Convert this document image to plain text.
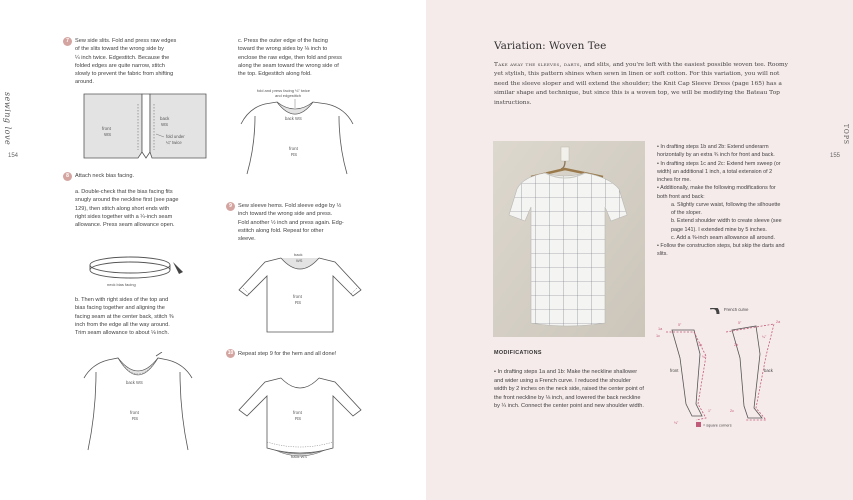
sewing love
154
7	Sew side slits. Fold and press raw edges
of the slits toward the wrong side by
¼ inch twice. Edgestitch. Because the
folded edges are quite narrow, stitch
slowly to prevent the fabric from shifting
around.
front
WS
back
WS
fold under
¼" twice
c. Press the outer edge of the facing
toward the wrong sides by ⅛ inch to
enclose the raw edge, then fold and press
along the seam toward the wrong side of
the top. Edgestitch along fold.
fold and press facing ⅛" twice
and edgestitch
back WS
front
RS
8	Attach neck bias facing.
a. Double-check that the bias facing fits
snugly around the neckline first (see page
129), then stitch along short ends with
right sides together with a ¼-inch seam
allowance. Press seam allowance open.
neck bias facing
b. Then with right sides of the top and
bias facing together and aligning the
facing seam at the center back, stitch ⅜
inch from the edge all the way around.
Trim seam allowance to about ⅛ inch.
back WS
front
RS
9	Sew sleeve hems. Fold sleeve edge by ½
inch toward the wrong side and press.
Fold another ½ inch and press again. Edg-
estitch along fold. Repeat for other
sleeve.
back
WS
front
RS
10 Repeat step 9 for the hem and all done!
front
RS
back WS
TOPS
155
Variation: Woven Tee
Take away the sleeves, darts, and slits, and you're left with the easiest possible woven tee. Roomy yet stylish, this pattern shines when sewn in linen or soft cotton. For this variation, you will not need the sleeve sloper and will extend the shoulder; the Knit Cap Sleeve Dress (page 165) has a similar shape and technique, but since this is a woven top, we will be modifying the Bateau Top instructions.
MODIFICATIONS
• In drafting steps 1a and 1b: Make the neckline shallower and wider using a French curve. I reduced the shoulder width by 2 inches on the neck side, raised the center point of the front neckline by ⅛ inch, and lowered the back neckline by ¼ inch. Connect the center point and new shoulder width.
• In drafting steps 1b and 2b: Extend underarm horizontally by an extra ¾ inch for front and back.
• In drafting steps 1c and 2c: Extend hem sweep (or width) an additional 1 inch, a total extension of 2 inches for me.
• Additionally, make the following modifications for both front and back:
a. Slightly curve waist, following the silhouette of the sloper.
b. Extend shoulder width to create sleeve (see page 141). I extended mine by 5 inches.
c. Add a ⅜-inch seam allowance all around.
• Follow the construction steps, but skip the darts and slits.
French curve
1a
1c
2a
1b	2b
2c
5"	5"
¾"
1"
⅛"
¼"
front	back
= square corners
